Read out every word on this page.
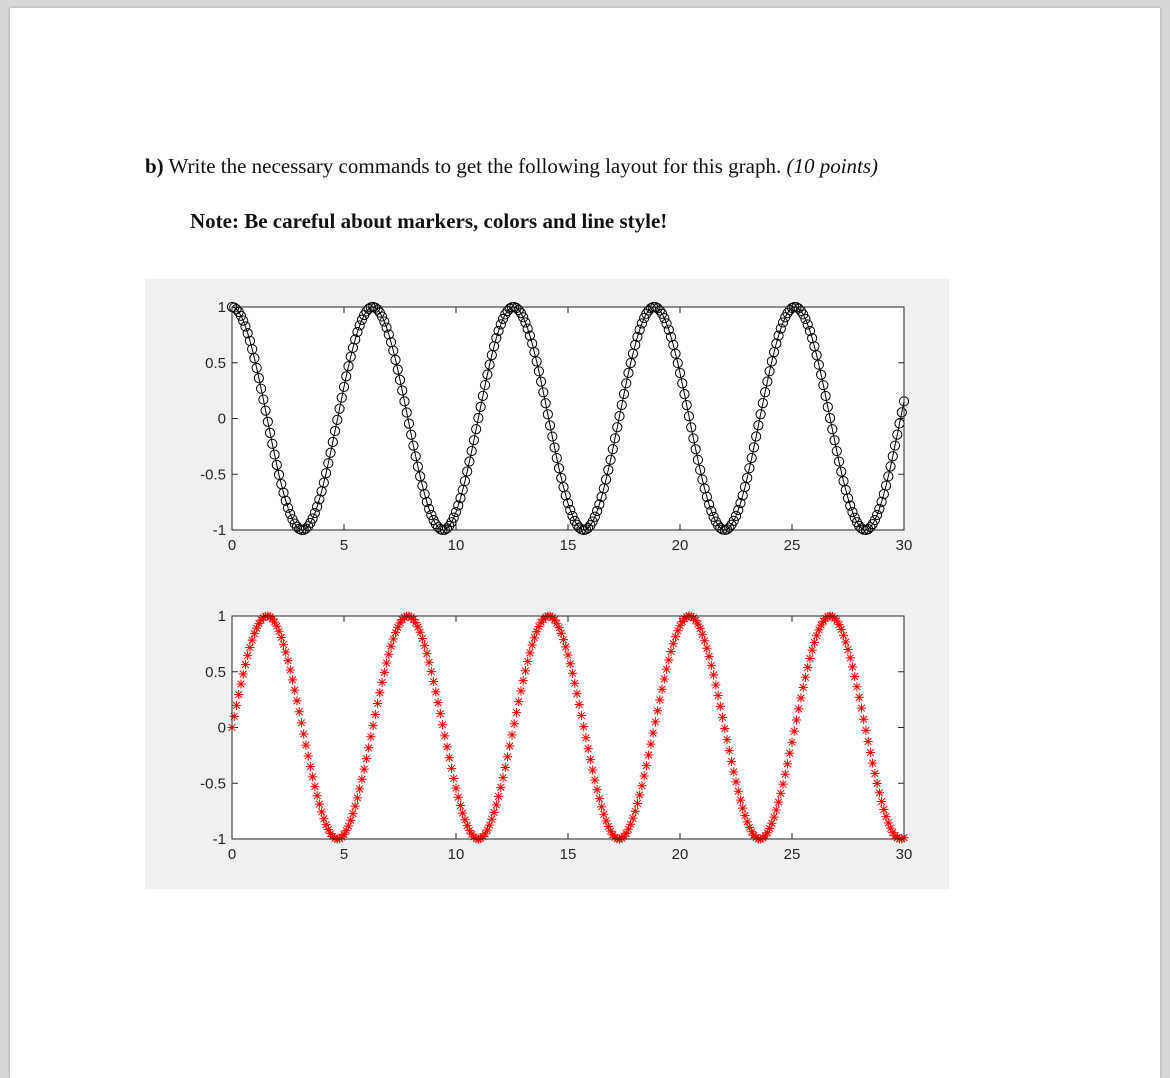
b) Write the necessary commands to get the following layout for this graph. (10 points)
Note: Be careful about markers, colors and line style!
0	5	10	15	20	25	30
-1
-0.5
0
0.5
1
0	5	10	15	20	25	30
-1
-0.5
0
0.5
1
